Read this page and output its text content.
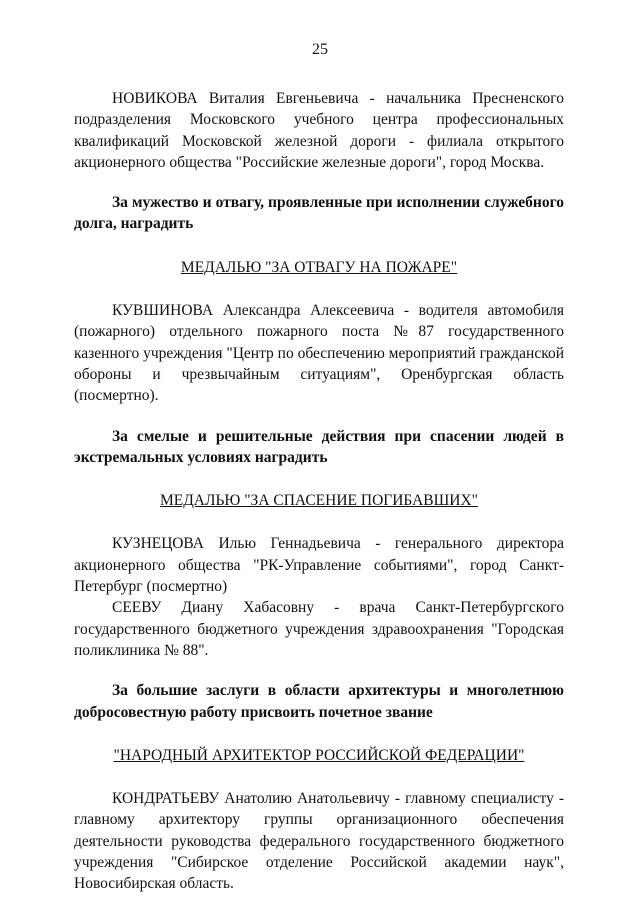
25

НОВИКОВА Виталия Евгеньевича - начальника Пресненского подразделения Московского учебного центра профессиональных квалификаций Московской железной дороги - филиала открытого акционерного общества "Российские железные дороги", город Москва.

За мужество и отвагу, проявленные при исполнении служебного долга, наградить

МЕДАЛЬЮ "ЗА ОТВАГУ НА ПОЖАРЕ"

КУВШИНОВА Александра Алексеевича - водителя автомобиля (пожарного) отдельного пожарного поста №87 государственного казенного учреждения "Центр по обеспечению мероприятий гражданской обороны и чрезвычайным ситуациям", Оренбургская область (посмертно).

За смелые и решительные действия при спасении людей в экстремальных условиях наградить

МЕДАЛЬЮ "ЗА СПАСЕНИЕ ПОГИБАВШИХ"

КУЗНЕЦОВА Илью Геннадьевича - генерального директора акционерного общества "РК-Управление событиями", город Санкт-Петербург (посмертно)

СЕЕВУ Диану Хабасовну - врача Санкт-Петербургского государственного бюджетного учреждения здравоохранения "Городская поликлиника № 88".

За большие заслуги в области архитектуры и многолетнюю добросовестную работу присвоить почетное звание

"НАРОДНЫЙ АРХИТЕКТОР РОССИЙСКОЙ ФЕДЕРАЦИИ"

КОНДРАТЬЕВУ Анатолию Анатольевичу - главному специалисту - главному архитектору группы организационного обеспечения деятельности руководства федерального государственного бюджетного учреждения "Сибирское отделение Российской академии наук", Новосибирская область.
